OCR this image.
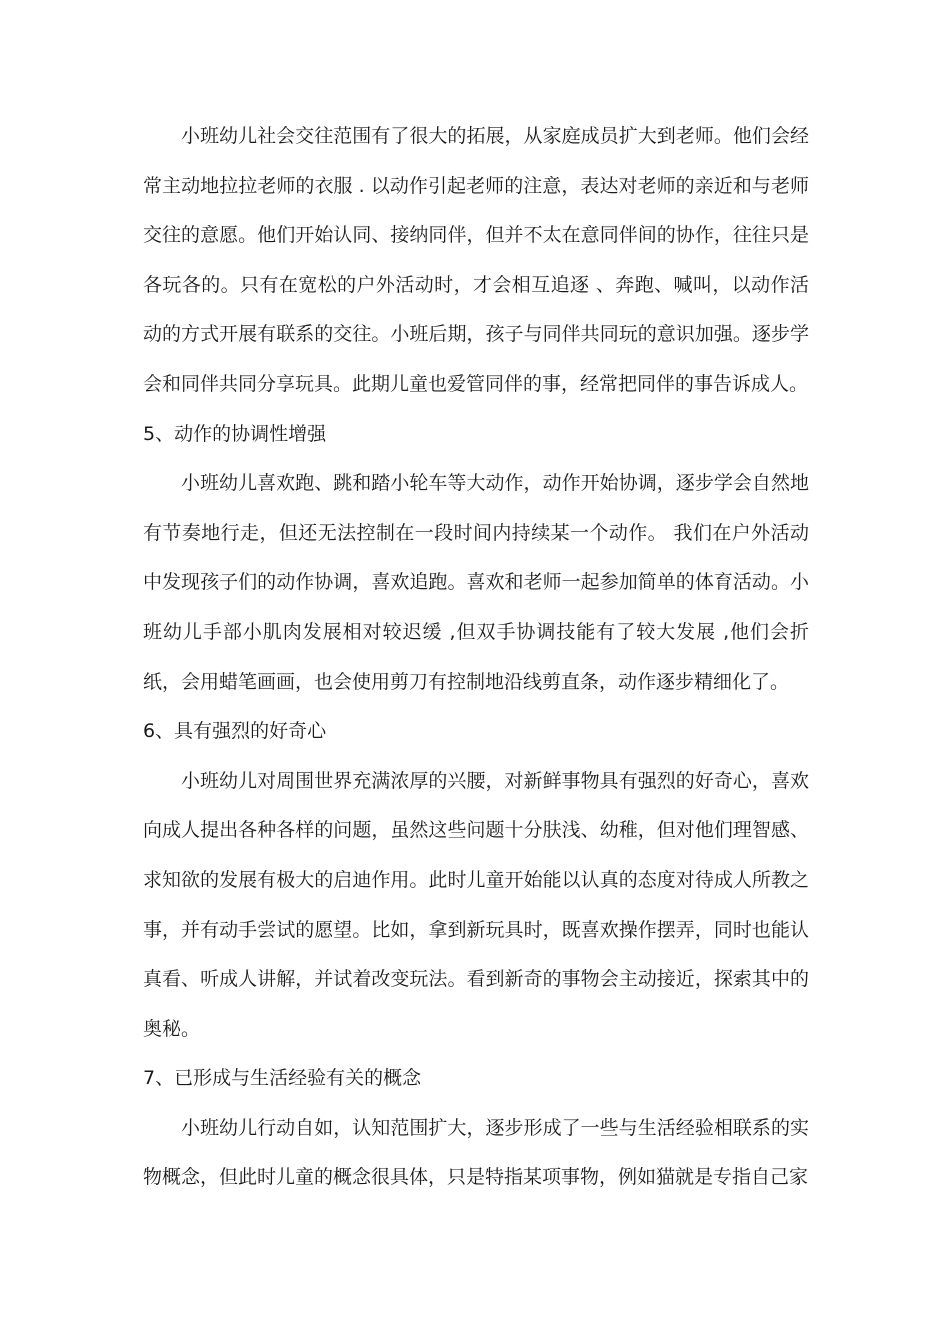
小班幼儿社会交往范围有了很大的拓展，从家庭成员扩大到老师。他们会经常主动地拉拉老师的衣服 . 以动作引起老师的注意，表达对老师的亲近和与老师交往的意愿。他们开始认同、接纳同伴，但并不太在意同伴间的协作，往往只是各玩各的。只有在宽松的户外活动时，才会相互追逐 、奔跑、喊叫，以动作活动的方式开展有联系的交往。小班后期，孩子与同伴共同玩的意识加强。逐步学会和同伴共同分享玩具。此期儿童也爱管同伴的事，经常把同伴的事告诉成人。

5、动作的协调性增强

小班幼儿喜欢跑、跳和踏小轮车等大动作，动作开始协调，逐步学会自然地有节奏地行走，但还无法控制在一段时间内持续某一个动作。 我们在户外活动中发现孩子们的动作协调，喜欢追跑。喜欢和老师一起参加简单的体育活动。小班幼儿手部小肌肉发展相对较迟缓 ,但双手协调技能有了较大发展 ,他们会折纸，会用蜡笔画画，也会使用剪刀有控制地沿线剪直条，动作逐步精细化了。

6、具有强烈的好奇心

小班幼儿对周围世界充满浓厚的兴腰，对新鲜事物具有强烈的好奇心，喜欢向成人提出各种各样的问题，虽然这些问题十分肤浅、幼稚，但对他们理智感、求知欲的发展有极大的启迪作用。此时儿童开始能以认真的态度对待成人所教之事，并有动手尝试的愿望。比如，拿到新玩具时，既喜欢操作摆弄，同时也能认真看、听成人讲解，并试着改变玩法。看到新奇的事物会主动接近，探索其中的奥秘。

7、已形成与生活经验有关的概念

小班幼儿行动自如，认知范围扩大，逐步形成了一些与生活经验相联系的实物概念，但此时儿童的概念很具体，只是特指某项事物，例如猫就是专指自己家
